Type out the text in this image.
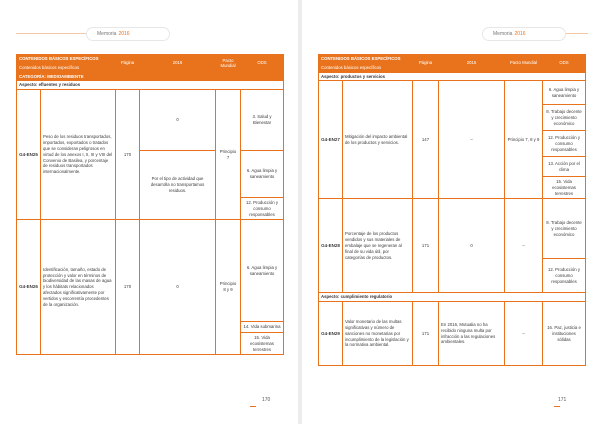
Memoria 2016
CONTENIDOS BÁSICOS ESPECÍFICOS		Página	2016	Pacto Mundial	ODS
Contenidos básicos específicos					
CATEGORÍA: MEDIOAMBIENTE					
Aspecto: efluentes y residuos					
G4-EN25	Peso de los residuos transportados, importados, exportados o tratados que se consideran peligrosos en virtud de los anexos I, II, III y VIII del Convenio de Basilea, y porcentaje de residuos transportados internacionalmente.	170	0	Principio 7	3. Salud y Bienestar
			Por el tipo de actividad que desarrolla no transportamos residuos.		6. Agua limpia y saneamiento
					12. Producción y consumo responsables
G4-EN26	Identificación, tamaño, estado de protección y valor en términos de biodiversidad de las masas de agua y los hábitats relacionados afectados significativamente por vertidos y escorrentía procedentes de la organización.	170	0	Principio 8 y 9	6. Agua limpia y saneamiento
					14. Vida submarina
					15. Vida ecosistemas terrestres
170
Memoria 2016
CONTENIDOS BÁSICOS ESPECÍFICOS		Página	2016	Pacto Mundial	ODS
Contenidos básicos específicos					
Aspecto: productos y servicios					
G4-EN27	Mitigación del impacto ambiental de los productos y servicios.	147	–	Principio 7, 8 y 9	6. Agua limpia y saneamiento
					8. Trabajo decente y crecimiento económico
					12. Producción y consumo responsables
					13. Acción por el clima
					15. Vida ecosistemas terrestres
G4-EN28	Porcentaje de los productos vendidos y sus materiales de embalaje que se regeneran al final de su vida útil, por categorías de productos.	171	0	–	8. Trabajo decente y crecimiento económico
					12. Producción y consumo responsables
Aspecto: cumplimiento regulatorio					
G4-EN29	Valor monetario de las multas significativas y número de sanciones no monetarias por incumplimiento de la legislación y la normativa ambiental.	171	En 2016, Mutualia no ha recibido ninguna multa por infracción a las regulaciones ambientales.	–	16. Paz, justicia e instituciones sólidas
171
